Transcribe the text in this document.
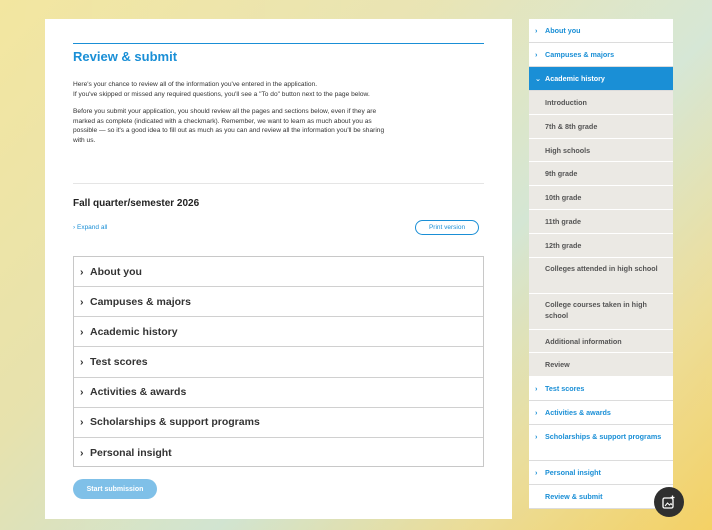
Review & submit

Here's your chance to review all of the information you've entered in the application.
If you've skipped or missed any required questions, you'll see a "To do" button next to the page below.

Before you submit your application, you should review all the pages and sections below, even if they are marked as complete (indicated with a checkmark). Remember, we want to learn as much about you as possible — so it's a good idea to fill out as much as you can and review all the information you'll be sharing with us.

Fall quarter/semester 2026
› Expand all	Print version
› About you
› Campuses & majors
› Academic history
› Test scores
› Activities & awards
› Scholarships & support programs
› Personal insight
Start submission
›	About you
›	Campuses & majors
⌄ Academic history
Introduction
7th & 8th grade
High schools
9th grade
10th grade
11th grade
12th grade
Colleges attended in high school
College courses taken in high school
Additional information
Review
›	Test scores
›	Activities & awards
›	Scholarships & support programs
›	Personal insight
Review & submit
